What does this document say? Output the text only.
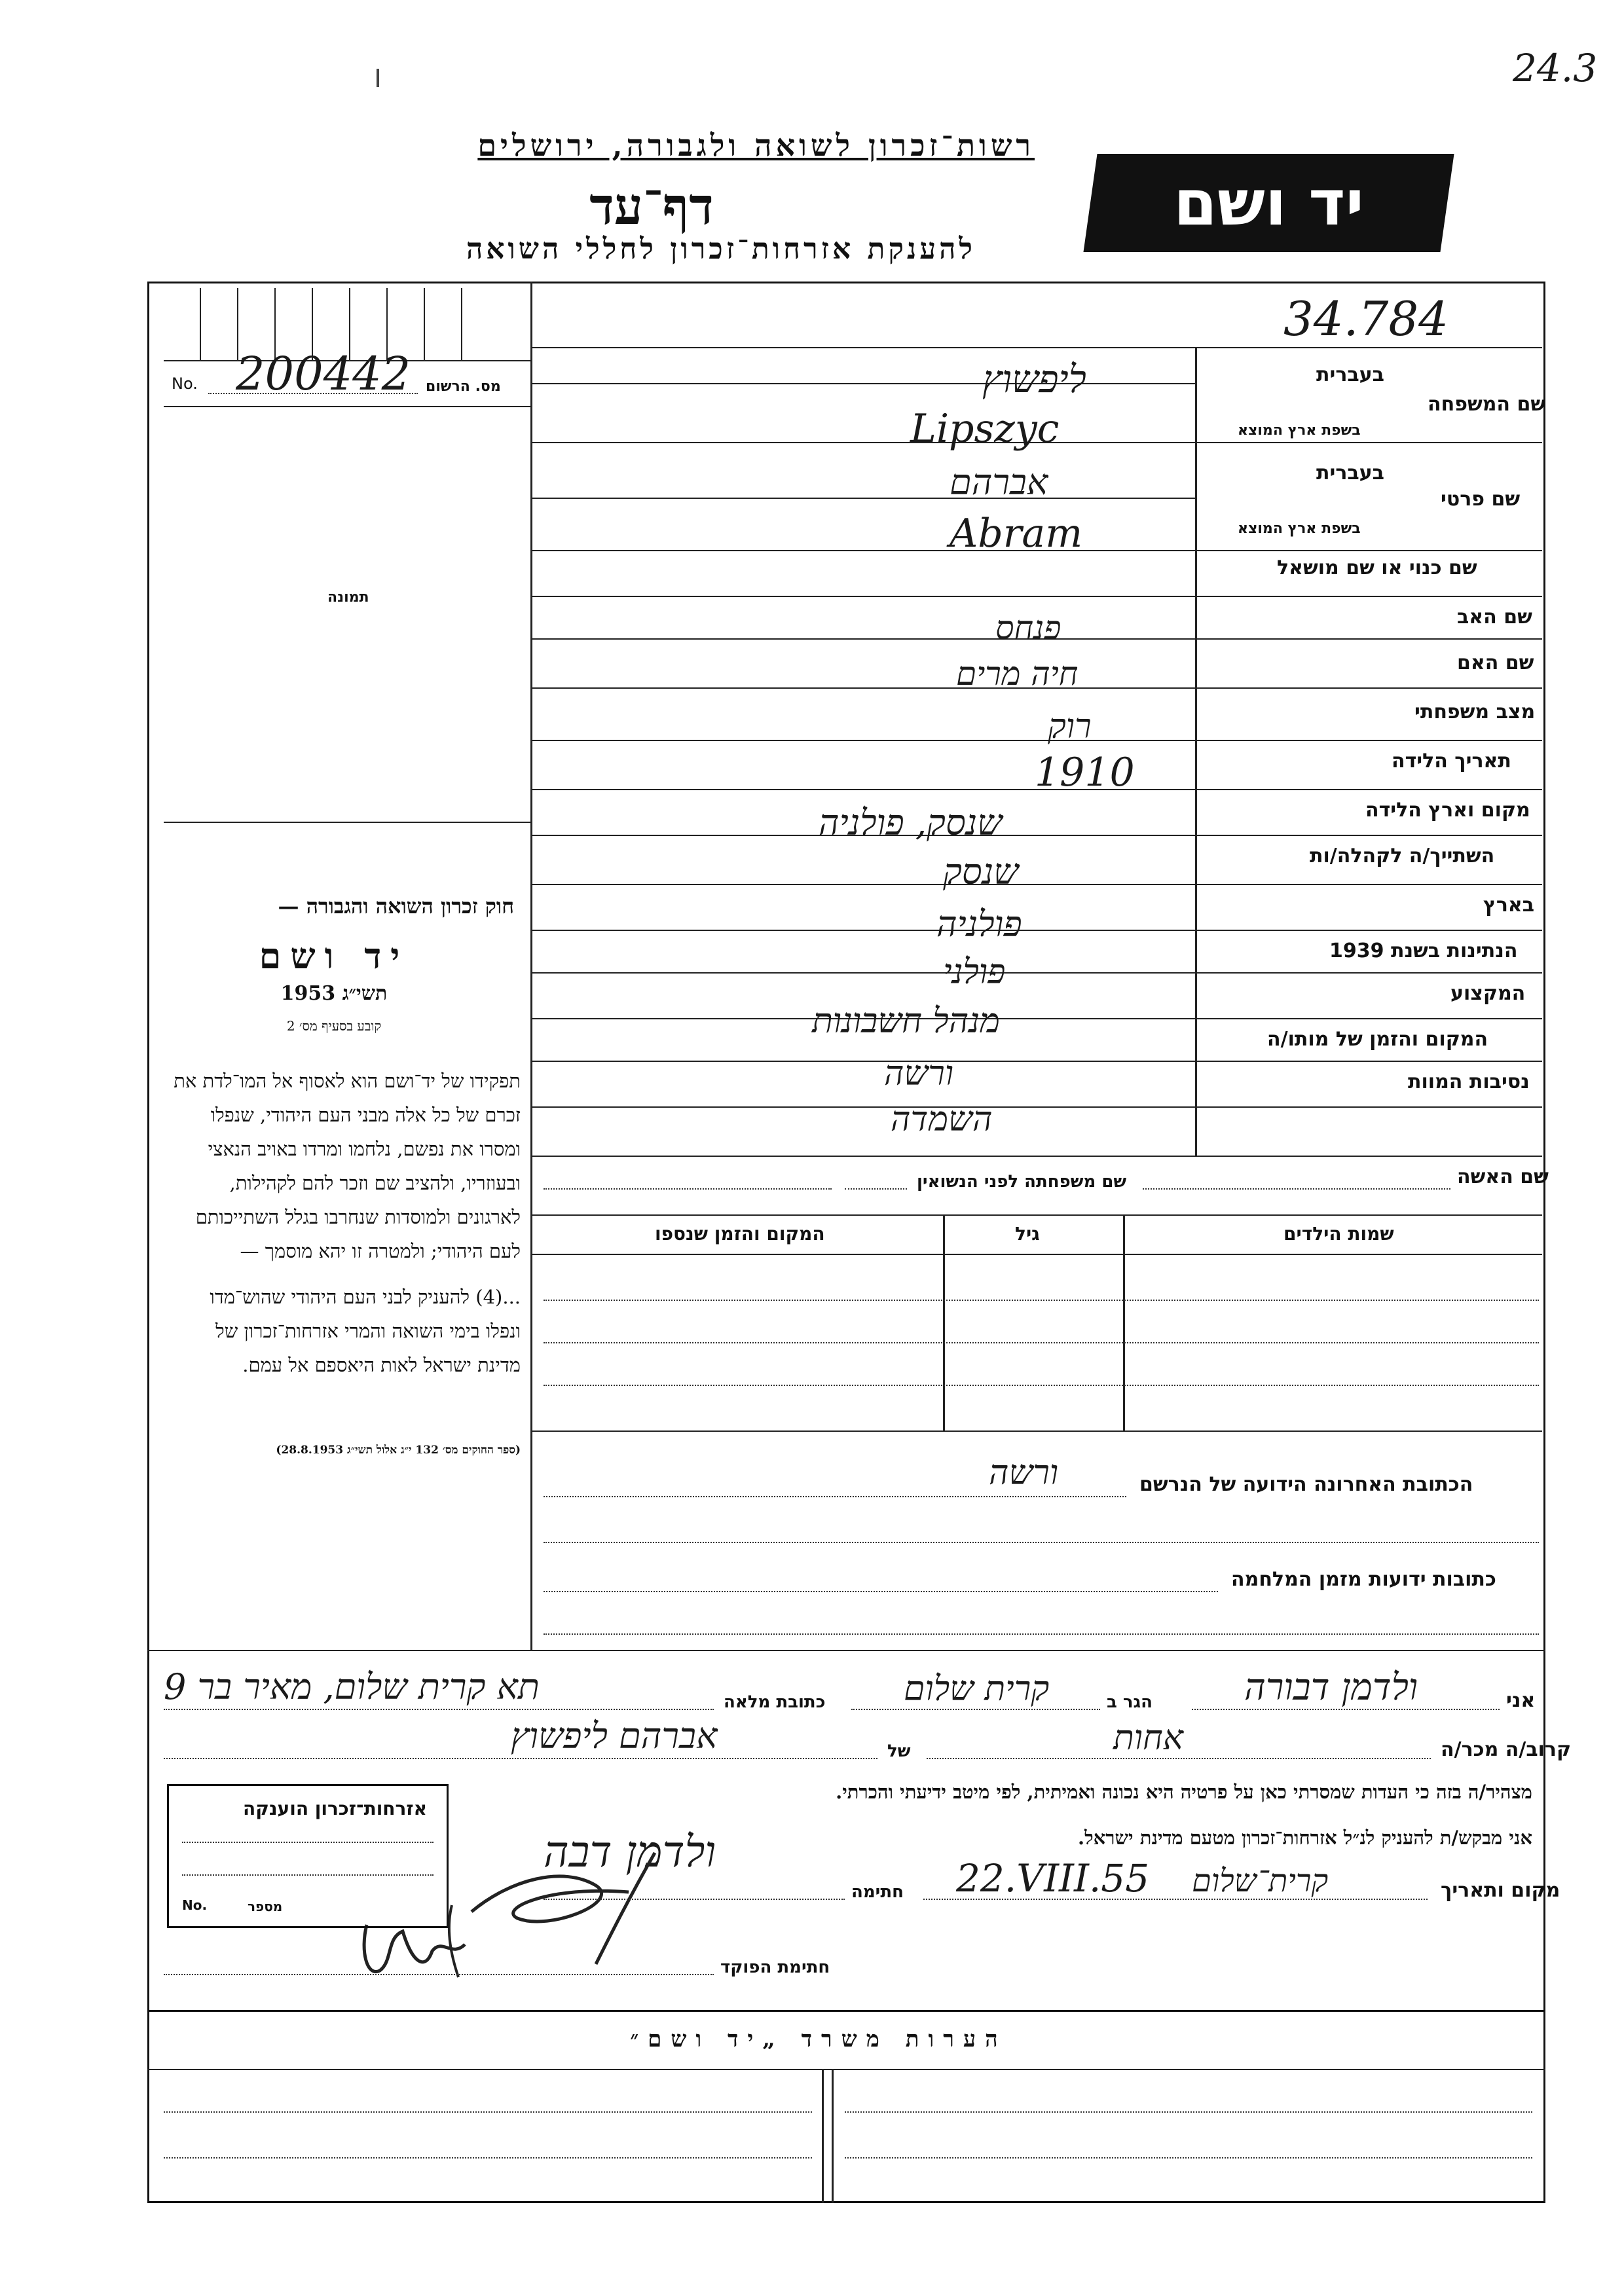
24.3
רשות־זכרון לשואה ולגבורה, ירושלים
דף־עד
להענקת אזרחות־זכרון לחללי השואה
יד ושם
No. 200442 מס. הרשום
תמונה
חוק זכרון השואה והגבורה —
יד ושם
תשי״ג 1953
קובע בסעיף מס׳ 2
תפקידו של יד־ושם הוא לאסוף אל המו־לדת את זכרם של כל אלה מבני העם היהודי, שנפלו ומסרו את נפשם, נלחמו ומרדו באויב הנאצי ובעוזריו, ולהציב שם וזכר להם לקהילות, לארגונים ולמוסדות שנחרבו בגלל השתייכותם לעם היהודי; ולמטרה זו יהא מוסמך —
...(4) להעניק לבני העם היהודי שהוש־מדו ונפלו בימי השואה והמרי אזרחות־זכרון של מדינת ישראל לאות היאספם אל עמם.
(ספר החוקים מס׳ 132 י״ג אלול תשי״ג 28.8.1953)
34.784
בעברית
שם המשפחה
בשפת ארץ המוצא
בעברית
שם פרטי
בשפת ארץ המוצא
שם כנוי או שם מושאל
שם האב
שם האם
מצב משפחתי
תאריך הלידה
מקום וארץ הלידה
השתייך/ה לקהלה/ות
בארץ
הנתינות בשנת 1939
המקצוע
המקום והזמן של מותו/ה
נסיבות המוות
ליפשוץ
Lipszyc
אברהם
Abram
פנחס
חיה מרים
רוק
1910
שנסק, פולניה
שנסק
פולניה
פולני
מנהל חשבונות
ורשה
השמדה
שם האשה
שם משפחתה לפני הנשואין
שמות הילדים
גיל
המקום והזמן שנספו
הכתובת האחרונה הידועה של הנרשם
ורשה
כתובות ידועות מזמן המלחמה
אני
ולדמן דבורה
הגר ב
קרית שלום
כתובת מלאה
תא קרית שלום, מאיר בר 9
קרוב/ה מכר/ה
אחות
של
אברהם ליפשוץ
מצהיר/ה בזה כי העדות שמסרתי כאן על פרטיה היא נכונה ואמיתית, לפי מיטב ידיעתי והכרתי.
אני מבקש/ת להעניק לנ״ל אזרחות־זכרון מטעם מדינת ישראל.
מקום ותאריך
קרית־שלום
22.VIII.55
חתימה
ולדמן דבה
חתימת הפוקד
אזרחות־זכרון הוענקה
No.	מספר
הערות משרד „יד ושם״
